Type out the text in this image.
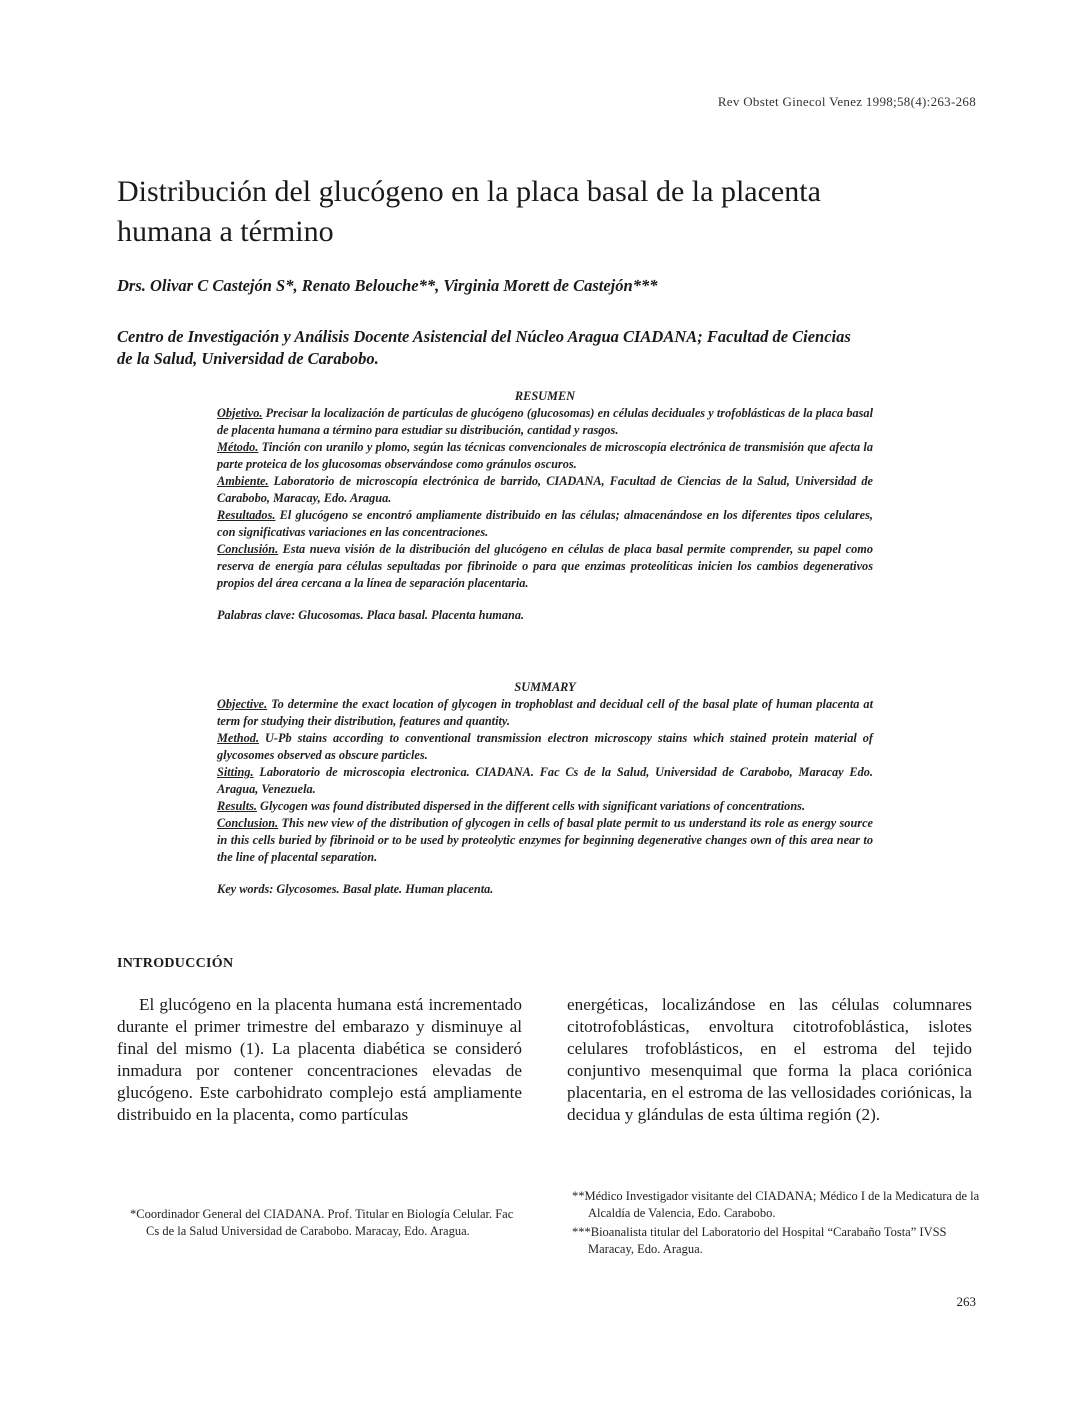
Rev Obstet Ginecol Venez 1998;58(4):263-268
Distribución del glucógeno en la placa basal de la placenta
humana a término

Drs. Olivar C Castejón S*, Renato Belouche**, Virginia Morett de Castejón***

Centro de Investigación y Análisis Docente Asistencial del Núcleo Aragua CIADANA; Facultad de Ciencias
de la Salud, Universidad de Carabobo.

RESUMEN

Objetivo. Precisar la localización de partículas de glucógeno (glucosomas) en células deciduales y trofoblásticas de la placa basal de placenta humana a término para estudiar su distribución, cantidad y rasgos.

Método. Tinción con uranilo y plomo, según las técnicas convencionales de microscopía electrónica de transmisión que afecta la parte proteica de los glucosomas observándose como gránulos oscuros.

Ambiente. Laboratorio de microscopía electrónica de barrido, CIADANA, Facultad de Ciencias de la Salud, Universidad de Carabobo, Maracay, Edo. Aragua.

Resultados. El glucógeno se encontró ampliamente distribuido en las células; almacenándose en los diferentes tipos celulares, con significativas variaciones en las concentraciones.

Conclusión. Esta nueva visión de la distribución del glucógeno en células de placa basal permite comprender, su papel como reserva de energía para células sepultadas por fibrinoide o para que enzimas proteolíticas inicien los cambios degenerativos propios del área cercana a la línea de separación placentaria.

Palabras clave: Glucosomas. Placa basal. Placenta humana.

SUMMARY

Objective. To determine the exact location of glycogen in trophoblast and decidual cell of the basal plate of human placenta at term for studying their distribution, features and quantity.

Method. U-Pb stains according to conventional transmission electron microscopy stains which stained protein material of glycosomes observed as obscure particles.

Sitting. Laboratorio de microscopia electronica. CIADANA. Fac Cs de la Salud, Universidad de Carabobo, Maracay Edo. Aragua, Venezuela.

Results. Glycogen was found distributed dispersed in the different cells with significant variations of concentrations.

Conclusion. This new view of the distribution of glycogen in cells of basal plate permit to us understand its role as energy source in this cells buried by fibrinoid or to be used by proteolytic enzymes for beginning degenerative changes own of this area near to the line of placental separation.

Key words: Glycosomes. Basal plate. Human placenta.

INTRODUCCIÓN

El glucógeno en la placenta humana está incrementado durante el primer trimestre del embarazo y disminuye al final del mismo (1). La placenta diabética se consideró inmadura por contener concentraciones elevadas de glucógeno. Este carbohidrato complejo está ampliamente distribuido en la placenta, como partículas

energéticas, localizándose en las células columnares citotrofoblásticas, envoltura citotrofoblástica, islotes celulares trofoblásticos, en el estroma del tejido conjuntivo mesenquimal que forma la placa coriónica placentaria, en el estroma de las vellosidades coriónicas, la decidua y glándulas de esta última región (2).

*Coordinador General del CIADANA. Prof. Titular en Biología Celular. Fac Cs de la Salud Universidad de Carabobo. Maracay, Edo. Aragua.

**Médico Investigador visitante del CIADANA; Médico I de la Medicatura de la Alcaldía de Valencia, Edo. Carabobo.

***Bioanalista titular del Laboratorio del Hospital “Carabaño Tosta” IVSS Maracay, Edo. Aragua.

263
